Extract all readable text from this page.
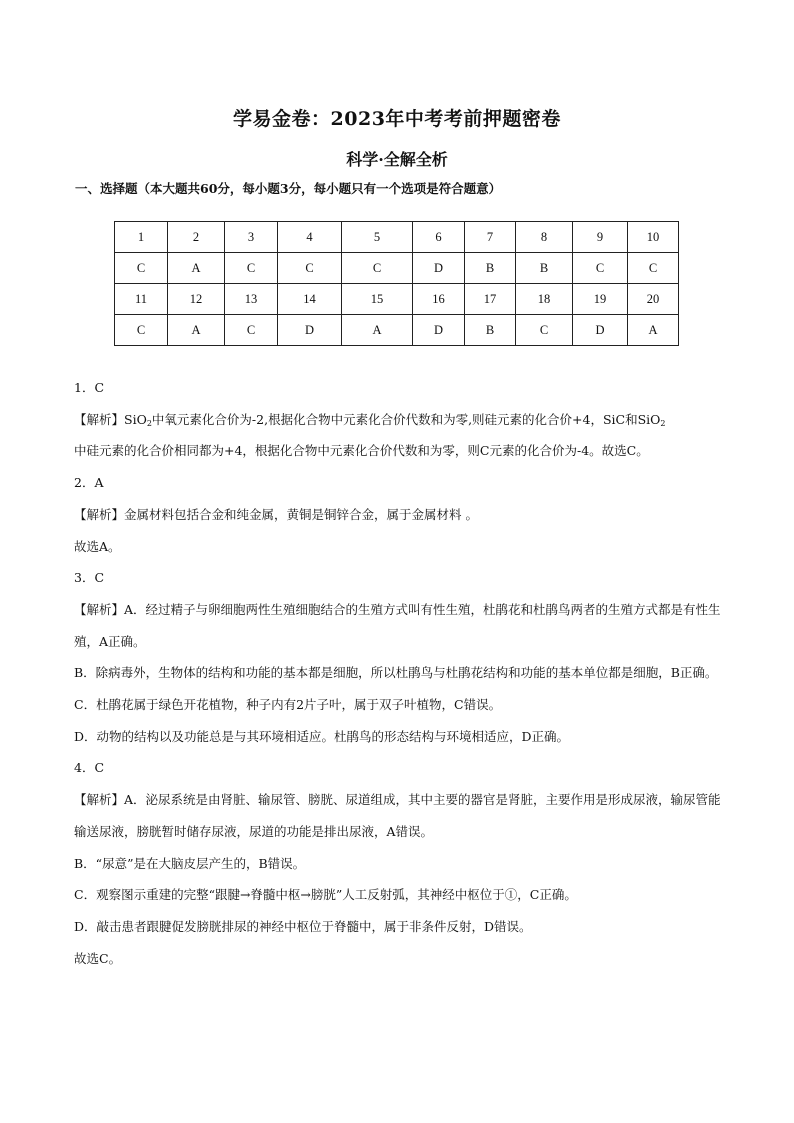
学易金卷：2023年中考考前押题密卷
科学·全解全析
一、选择题（本大题共60分，每小题3分，每小题只有一个选项是符合题意）
1	2	3	4	5	6	7	8	9	10
C	A	C	C	C	D	B	B	C	C
11	12	13	14	15	16	17	18	19	20
C	A	C	D	A	D	B	C	D	A

1．C

【解析】SiO$_2$中氧元素化合价为-2,根据化合物中元素化合价代数和为零,则硅元素的化合价+4，SiC和SiO$_2$

中硅元素的化合价相同都为+4，根据化合物中元素化合价代数和为零，则C元素的化合价为-4。故选C。

2．A

【解析】金属材料包括合金和纯金属，黄铜是铜锌合金，属于金属材料 。

故选A。

3．C

【解析】A．经过精子与卵细胞两性生殖细胞结合的生殖方式叫有性生殖，杜鹃花和杜鹃鸟两者的生殖方式都是有性生殖，A正确。

B．除病毒外，生物体的结构和功能的基本都是细胞，所以杜鹃鸟与杜鹃花结构和功能的基本单位都是细胞，B正确。

C．杜鹃花属于绿色开花植物，种子内有2片子叶，属于双子叶植物，C错误。

D．动物的结构以及功能总是与其环境相适应。杜鹃鸟的形态结构与环境相适应，D正确。

4．C

【解析】A．泌尿系统是由肾脏、输尿管、膀胱、尿道组成，其中主要的器官是肾脏，主要作用是形成尿液，输尿管能输送尿液，膀胱暂时储存尿液，尿道的功能是排出尿液，A错误。

B．“尿意”是在大脑皮层产生的，B错误。

C．观察图示重建的完整“跟腱→脊髓中枢→膀胱”人工反射弧，其神经中枢位于①，C正确。

D．敲击患者跟腱促发膀胱排尿的神经中枢位于脊髓中，属于非条件反射，D错误。

故选C。
